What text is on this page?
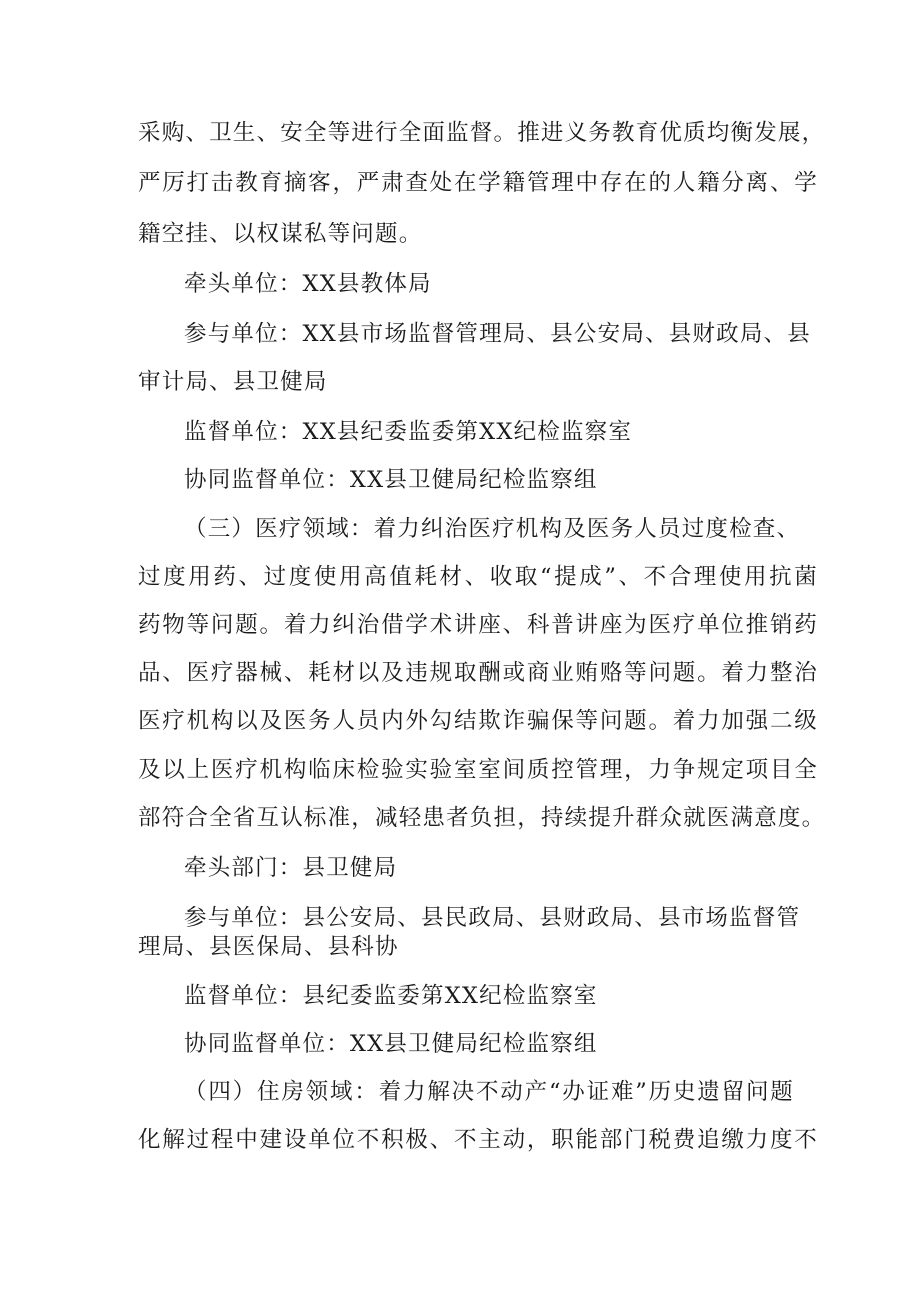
采购、卫生、安全等进行全面监督。推进义务教育优质均衡发展，
严厉打击教育摘客，严肃查处在学籍管理中存在的人籍分离、学
籍空挂、以权谋私等问题。
牵头单位：XX县教体局
参与单位：XX县市场监督管理局、县公安局、县财政局、县
审计局、县卫健局
监督单位：XX县纪委监委第XX纪检监察室
协同监督单位：XX县卫健局纪检监察组
（三）医疗领域：着力纠治医疗机构及医务人员过度检查、
过度用药、过度使用高值耗材、收取“提成”、不合理使用抗菌
药物等问题。着力纠治借学术讲座、科普讲座为医疗单位推销药
品、医疗器械、耗材以及违规取酬或商业贿赂等问题。着力整治
医疗机构以及医务人员内外勾结欺诈骗保等问题。着力加强二级
及以上医疗机构临床检验实验室室间质控管理，力争规定项目全
部符合全省互认标准，减轻患者负担，持续提升群众就医满意度。
牵头部门：县卫健局
参与单位：县公安局、县民政局、县财政局、县市场监督管
理局、县医保局、县科协
监督单位：县纪委监委第XX纪检监察室
协同监督单位：XX县卫健局纪检监察组
（四）住房领域：着力解决不动产“办证难”历史遗留问题
化解过程中建设单位不积极、不主动，职能部门税费追缴力度不
